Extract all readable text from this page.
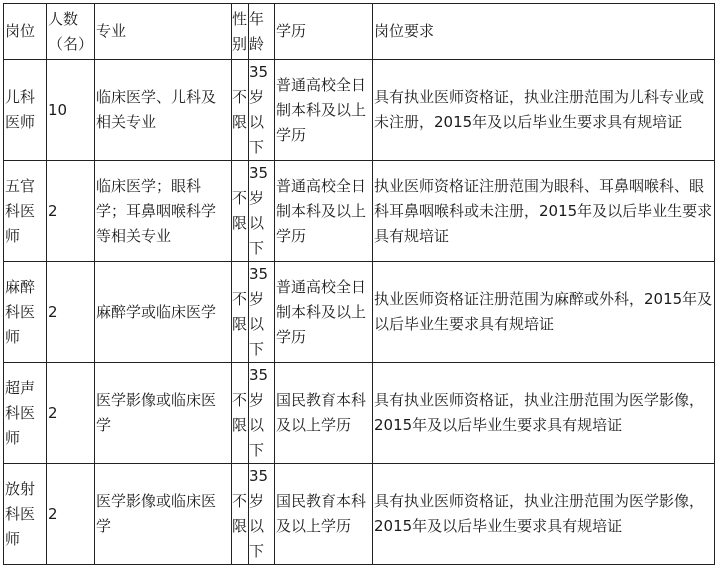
岗位	人数（名）	专业	性别	年龄	学历	岗位要求
儿科医师	10	临床医学、儿科及相关专业	不限	35岁以下	普通高校全日制本科及以上学历	具有执业医师资格证，执业注册范围为儿科专业或未注册，2015年及以后毕业生要求具有规培证
五官科医师	2	临床医学；眼科学；耳鼻咽喉科学等相关专业	不限	35岁以下	普通高校全日制本科及以上学历	执业医师资格证注册范围为眼科、耳鼻咽喉科、眼科耳鼻咽喉科或未注册，2015年及以后毕业生要求具有规培证
麻醉科医师	2	麻醉学或临床医学	不限	35岁以下	普通高校全日制本科及以上学历	执业医师资格证注册范围为麻醉或外科，2015年及以后毕业生要求具有规培证
超声科医师	2	医学影像或临床医学	不限	35岁以下	国民教育本科及以上学历	具有执业医师资格证，执业注册范围为医学影像，2015年及以后毕业生要求具有规培证
放射科医师	2	医学影像或临床医学	不限	35岁以下	国民教育本科及以上学历	具有执业医师资格证，执业注册范围为医学影像，2015年及以后毕业生要求具有规培证
